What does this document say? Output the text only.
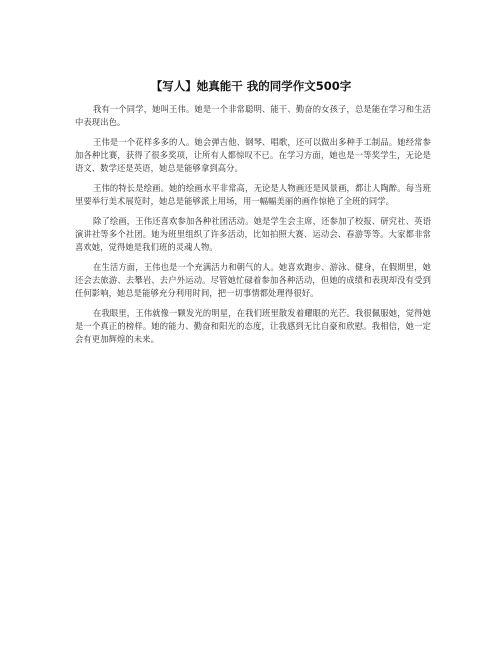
【写人】她真能干 我的同学作文500字

我有一个同学，她叫王伟。她是一个非常聪明、能干、勤奋的女孩子，总是能在学习和生活中表现出色。

王伟是一个花样多多的人。她会弹吉他、钢琴、唱歌，还可以做出多种手工制品。她经常参加各种比赛，获得了很多奖项，让所有人都惊叹不已。在学习方面，她也是一等奖学生，无论是语文、数学还是英语，她总是能够拿到高分。

王伟的特长是绘画。她的绘画水平非常高，无论是人物画还是风景画，都让人陶醉。每当班里要举行美术展览时，她总是能够派上用场，用一幅幅美丽的画作惊艳了全班的同学。

除了绘画，王伟还喜欢参加各种社团活动。她是学生会主席，还参加了校报、研究社、英语演讲社等多个社团。她为班里组织了许多活动，比如拍照大赛、运动会、春游等等。大家都非常喜欢她，觉得她是我们班的灵魂人物。

在生活方面，王伟也是一个充满活力和朝气的人。她喜欢跑步、游泳、健身，在假期里，她还会去旅游、去攀岩、去户外运动。尽管她忙碌着参加各种活动，但她的成绩和表现却没有受到任何影响，她总是能够充分利用时间，把一切事情都处理得很好。

在我眼里，王伟就像一颗发光的明星，在我们班里散发着耀眼的光芒。我很佩服她，觉得她是一个真正的榜样。她的能力、勤奋和阳光的态度，让我感到无比自豪和欣慰。我相信，她一定会有更加辉煌的未来。
